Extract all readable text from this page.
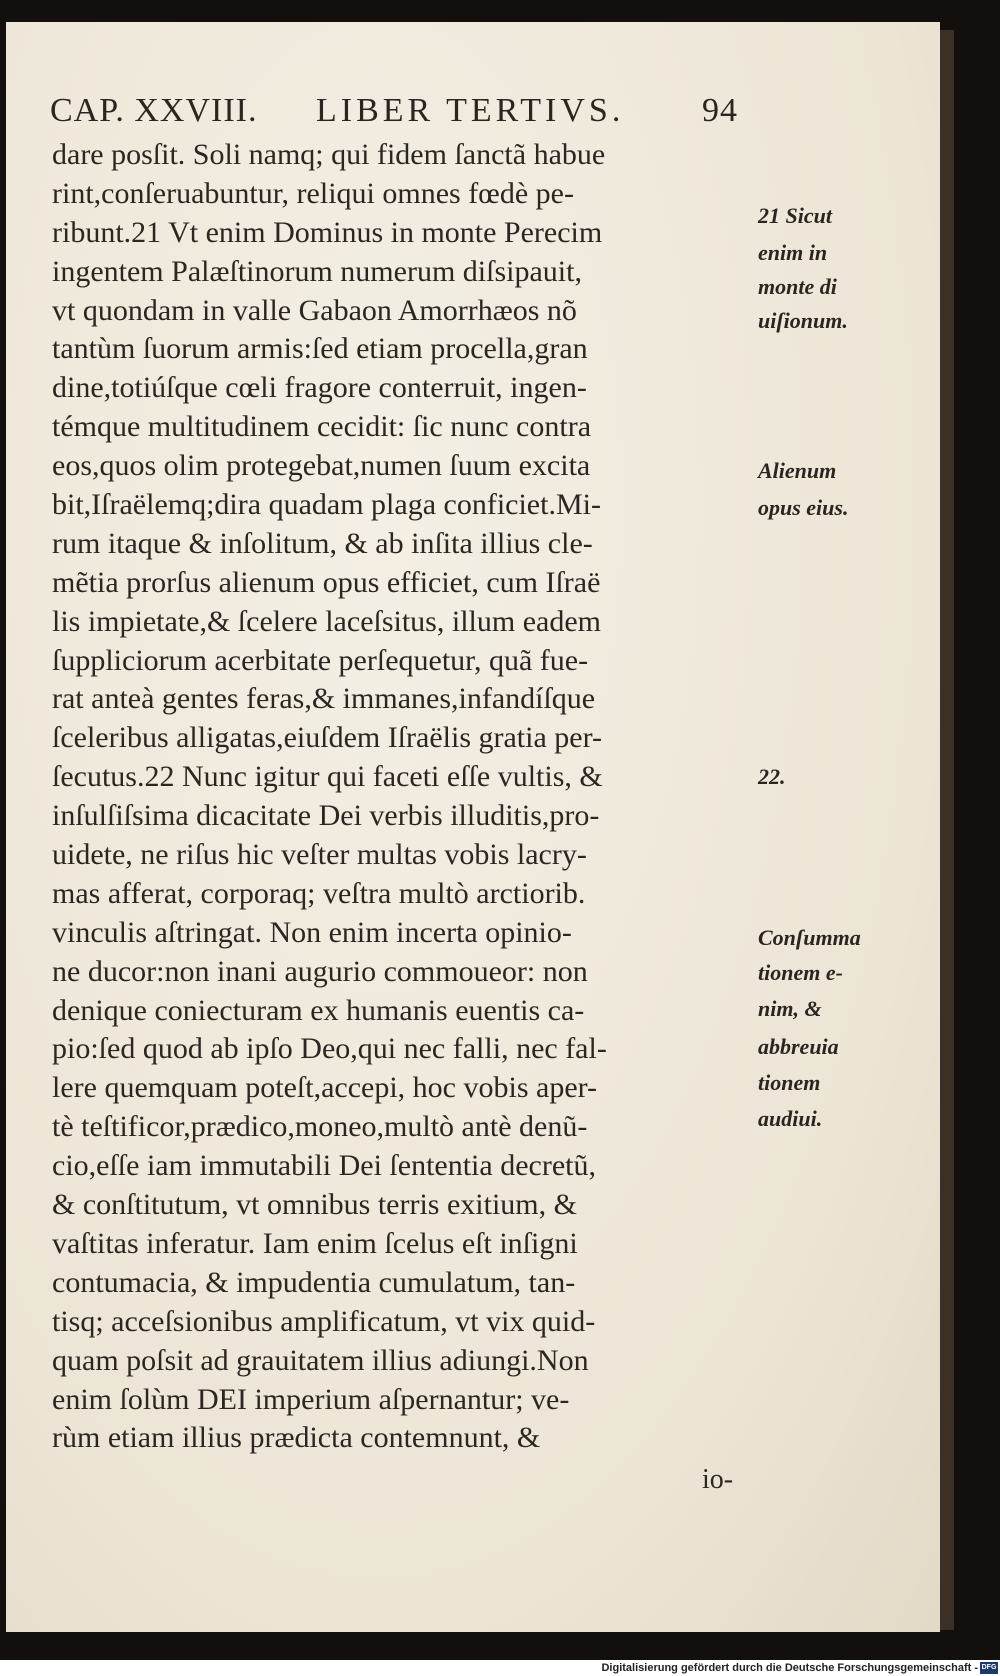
CAP. XXVIII. LIBER TERTIVS. 94
dare posſit. Soli namq; qui fidem ſanctã habue
rint,conſeruabuntur, reliqui omnes fœdè pe-
ribunt.21 Vt enim Dominus in monte Perecim
ingentem Palæſtinorum numerum diſsipauit,
vt quondam in valle Gabaon Amorrhæos nõ
tantùm ſuorum armis:ſed etiam procella,gran
dine,totiúſque cœli fragore conterruit, ingen-
témque multitudinem cecidit: ſic nunc contra
eos,quos olim protegebat,numen ſuum excita
bit,Iſraëlemq;dira quadam plaga conficiet.Mi-
rum itaque & inſolitum, & ab inſita illius cle-
mẽtia prorſus alienum opus efficiet, cum Iſraë
lis impietate,& ſcelere laceſsitus, illum eadem
ſuppliciorum acerbitate perſequetur, quã fue-
rat anteà gentes feras,& immanes,infandíſque
ſceleribus alligatas,eiuſdem Iſraëlis gratia per-
ſecutus.22 Nunc igitur qui faceti eſſe vultis, &
inſulſiſsima dicacitate Dei verbis illuditis,pro-
uidete, ne riſus hic veſter multas vobis lacry-
mas afferat, corporaq; veſtra multò arctiorib.
vinculis aſtringat. Non enim incerta opinio-
ne ducor:non inani augurio commoueor: non
denique coniecturam ex humanis euentis ca-
pio:ſed quod ab ipſo Deo,qui nec falli, nec fal-
lere quemquam poteſt,accepi, hoc vobis aper-
tè teſtificor,prædico,moneo,multò antè denũ-
cio,eſſe iam immutabili Dei ſententia decretũ,
& conſtitutum, vt omnibus terris exitium, &
vaſtitas inferatur. Iam enim ſcelus eſt inſigni
contumacia, & impudentia cumulatum, tan-
tisq; acceſsionibus amplificatum, vt vix quid-
quam poſsit ad grauitatem illius adiungi.Non
enim ſolùm DEI imperium aſpernantur; ve-
rùm etiam illius prædicta contemnunt, &
21 Sicut
enim in
monte di
uiſionum.
Alienum
opus eius.
22.
Conſumma
tionem e-
nim, &
abbreuia
tionem
audiui.
io-
Digitalisierung gefördert durch die Deutsche Forschungsgemeinschaft - DFG
